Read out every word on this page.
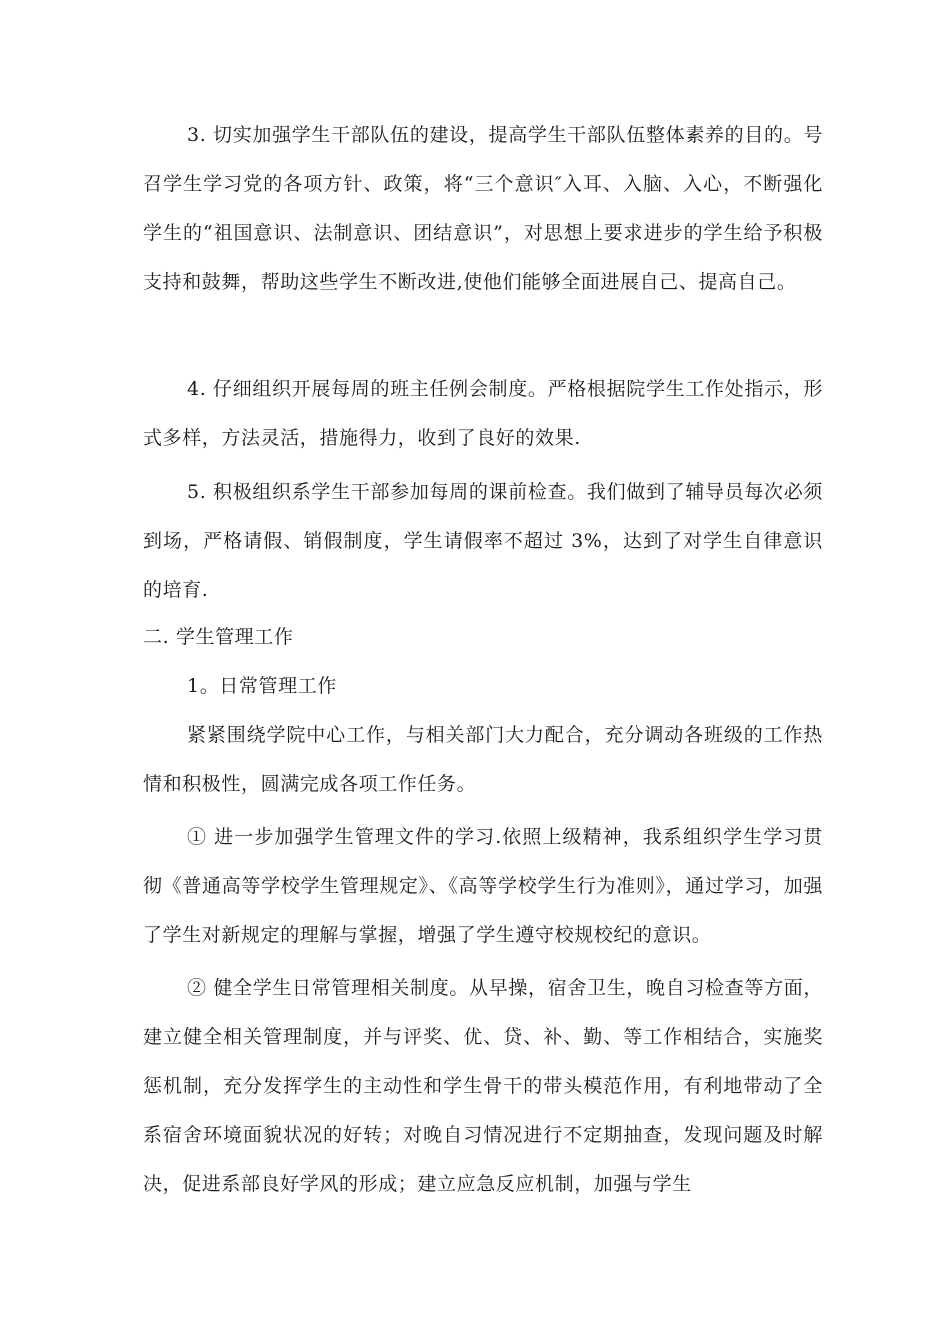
3. 切实加强学生干部队伍的建设，提高学生干部队伍整体素养的目的。号召学生学习党的各项方针、政策，将“三个意识″入耳、入脑、入心，不断强化学生的“祖国意识、法制意识、团结意识”，对思想上要求进步的学生给予积极支持和鼓舞，帮助这些学生不断改进,使他们能够全面进展自己、提高自己。

4. 仔细组织开展每周的班主任例会制度。严格根据院学生工作处指示，形式多样，方法灵活，措施得力，收到了良好的效果.

5. 积极组织系学生干部参加每周的课前检查。我们做到了辅导员每次必须到场，严格请假、销假制度，学生请假率不超过 3%，达到了对学生自律意识的培育.

二. 学生管理工作

1。日常管理工作

紧紧围绕学院中心工作，与相关部门大力配合，充分调动各班级的工作热情和积极性，圆满完成各项工作任务。

① 进一步加强学生管理文件的学习.依照上级精神，我系组织学生学习贯彻《普通高等学校学生管理规定》、《高等学校学生行为准则》，通过学习，加强了学生对新规定的理解与掌握，增强了学生遵守校规校纪的意识。

② 健全学生日常管理相关制度。从早操，宿舍卫生，晚自习检查等方面，建立健全相关管理制度，并与评奖、优、贷、补、勤、等工作相结合，实施奖惩机制，充分发挥学生的主动性和学生骨干的带头模范作用，有利地带动了全系宿舍环境面貌状况的好转；对晚自习情况进行不定期抽查，发现问题及时解决，促进系部良好学风的形成；建立应急反应机制，加强与学生
